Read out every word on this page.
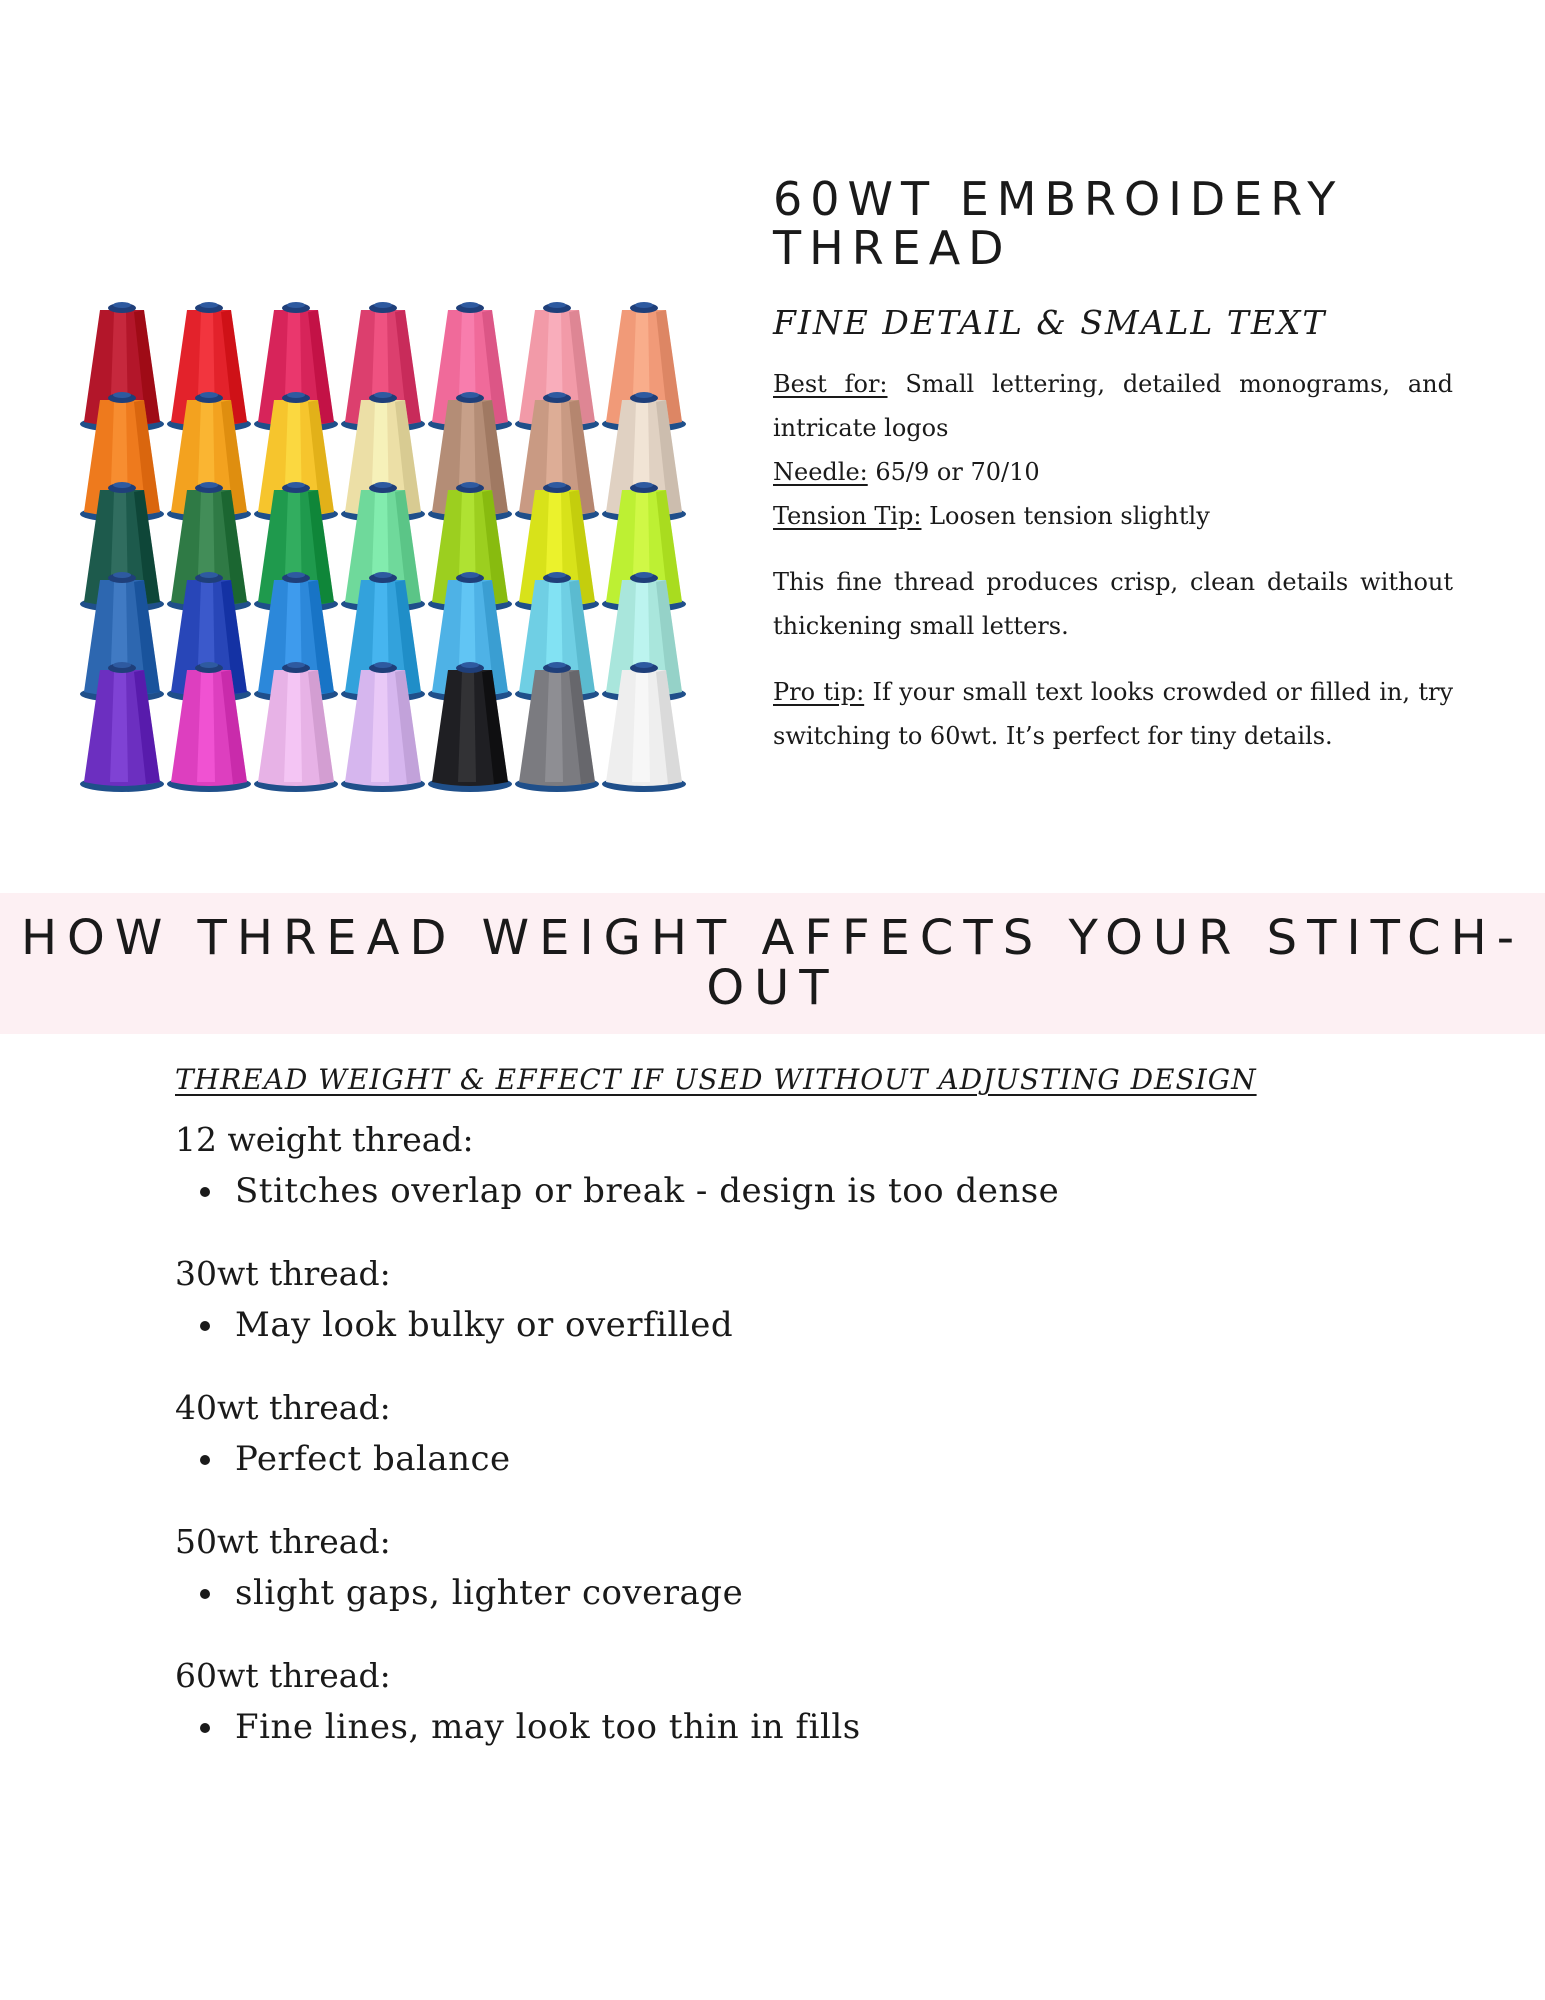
60WT EMBROIDERY THREAD
FINE DETAIL & SMALL TEXT

Best for: Small lettering, detailed monograms, and intricate logos
Needle: 65/9 or 70/10
Tension Tip: Loosen tension slightly

This fine thread produces crisp, clean details without thickening small letters.

Pro tip: If your small text looks crowded or filled in, try switching to 60wt. It’s perfect for tiny details.

HOW THREAD WEIGHT AFFECTS YOUR STITCH-OUT
THREAD WEIGHT & EFFECT IF USED WITHOUT ADJUSTING DESIGN

12 weight thread:

Stitches overlap or break - design is too dense

30wt thread:

May look bulky or overfilled

40wt thread:

Perfect balance

50wt thread:

slight gaps, lighter coverage

60wt thread:

Fine lines, may look too thin in fills
